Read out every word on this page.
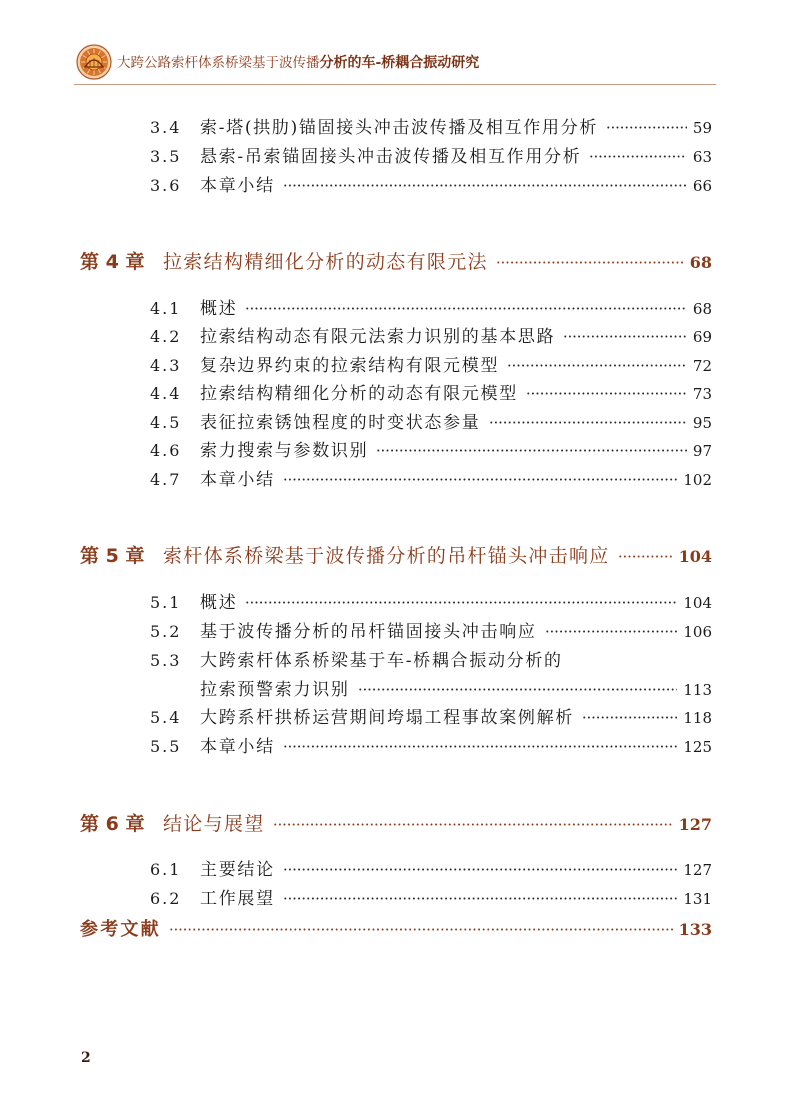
大跨公路索杆体系桥梁基于波传播分析的车-桥耦合振动研究
3.4	索-塔(拱肋)锚固接头冲击波传播及相互作用分析	59
3.5	悬索-吊索锚固接头冲击波传播及相互作用分析	63
3.6	本章小结	66
第 4 章 拉索结构精细化分析的动态有限元法	68
4.1	概述	68
4.2	拉索结构动态有限元法索力识别的基本思路	69
4.3	复杂边界约束的拉索结构有限元模型	72
4.4	拉索结构精细化分析的动态有限元模型	73
4.5	表征拉索锈蚀程度的时变状态参量	95
4.6	索力搜索与参数识别	97
4.7	本章小结	102
第 5 章 索杆体系桥梁基于波传播分析的吊杆锚头冲击响应	104
5.1	概述	104
5.2	基于波传播分析的吊杆锚固接头冲击响应	106
5.3	大跨索杆体系桥梁基于车-桥耦合振动分析的
拉索预警索力识别	113
5.4	大跨系杆拱桥运营期间垮塌工程事故案例解析	118
5.5	本章小结	125
第 6 章 结论与展望	127
6.1	主要结论	127
6.2	工作展望	131
参考文献	133
2
